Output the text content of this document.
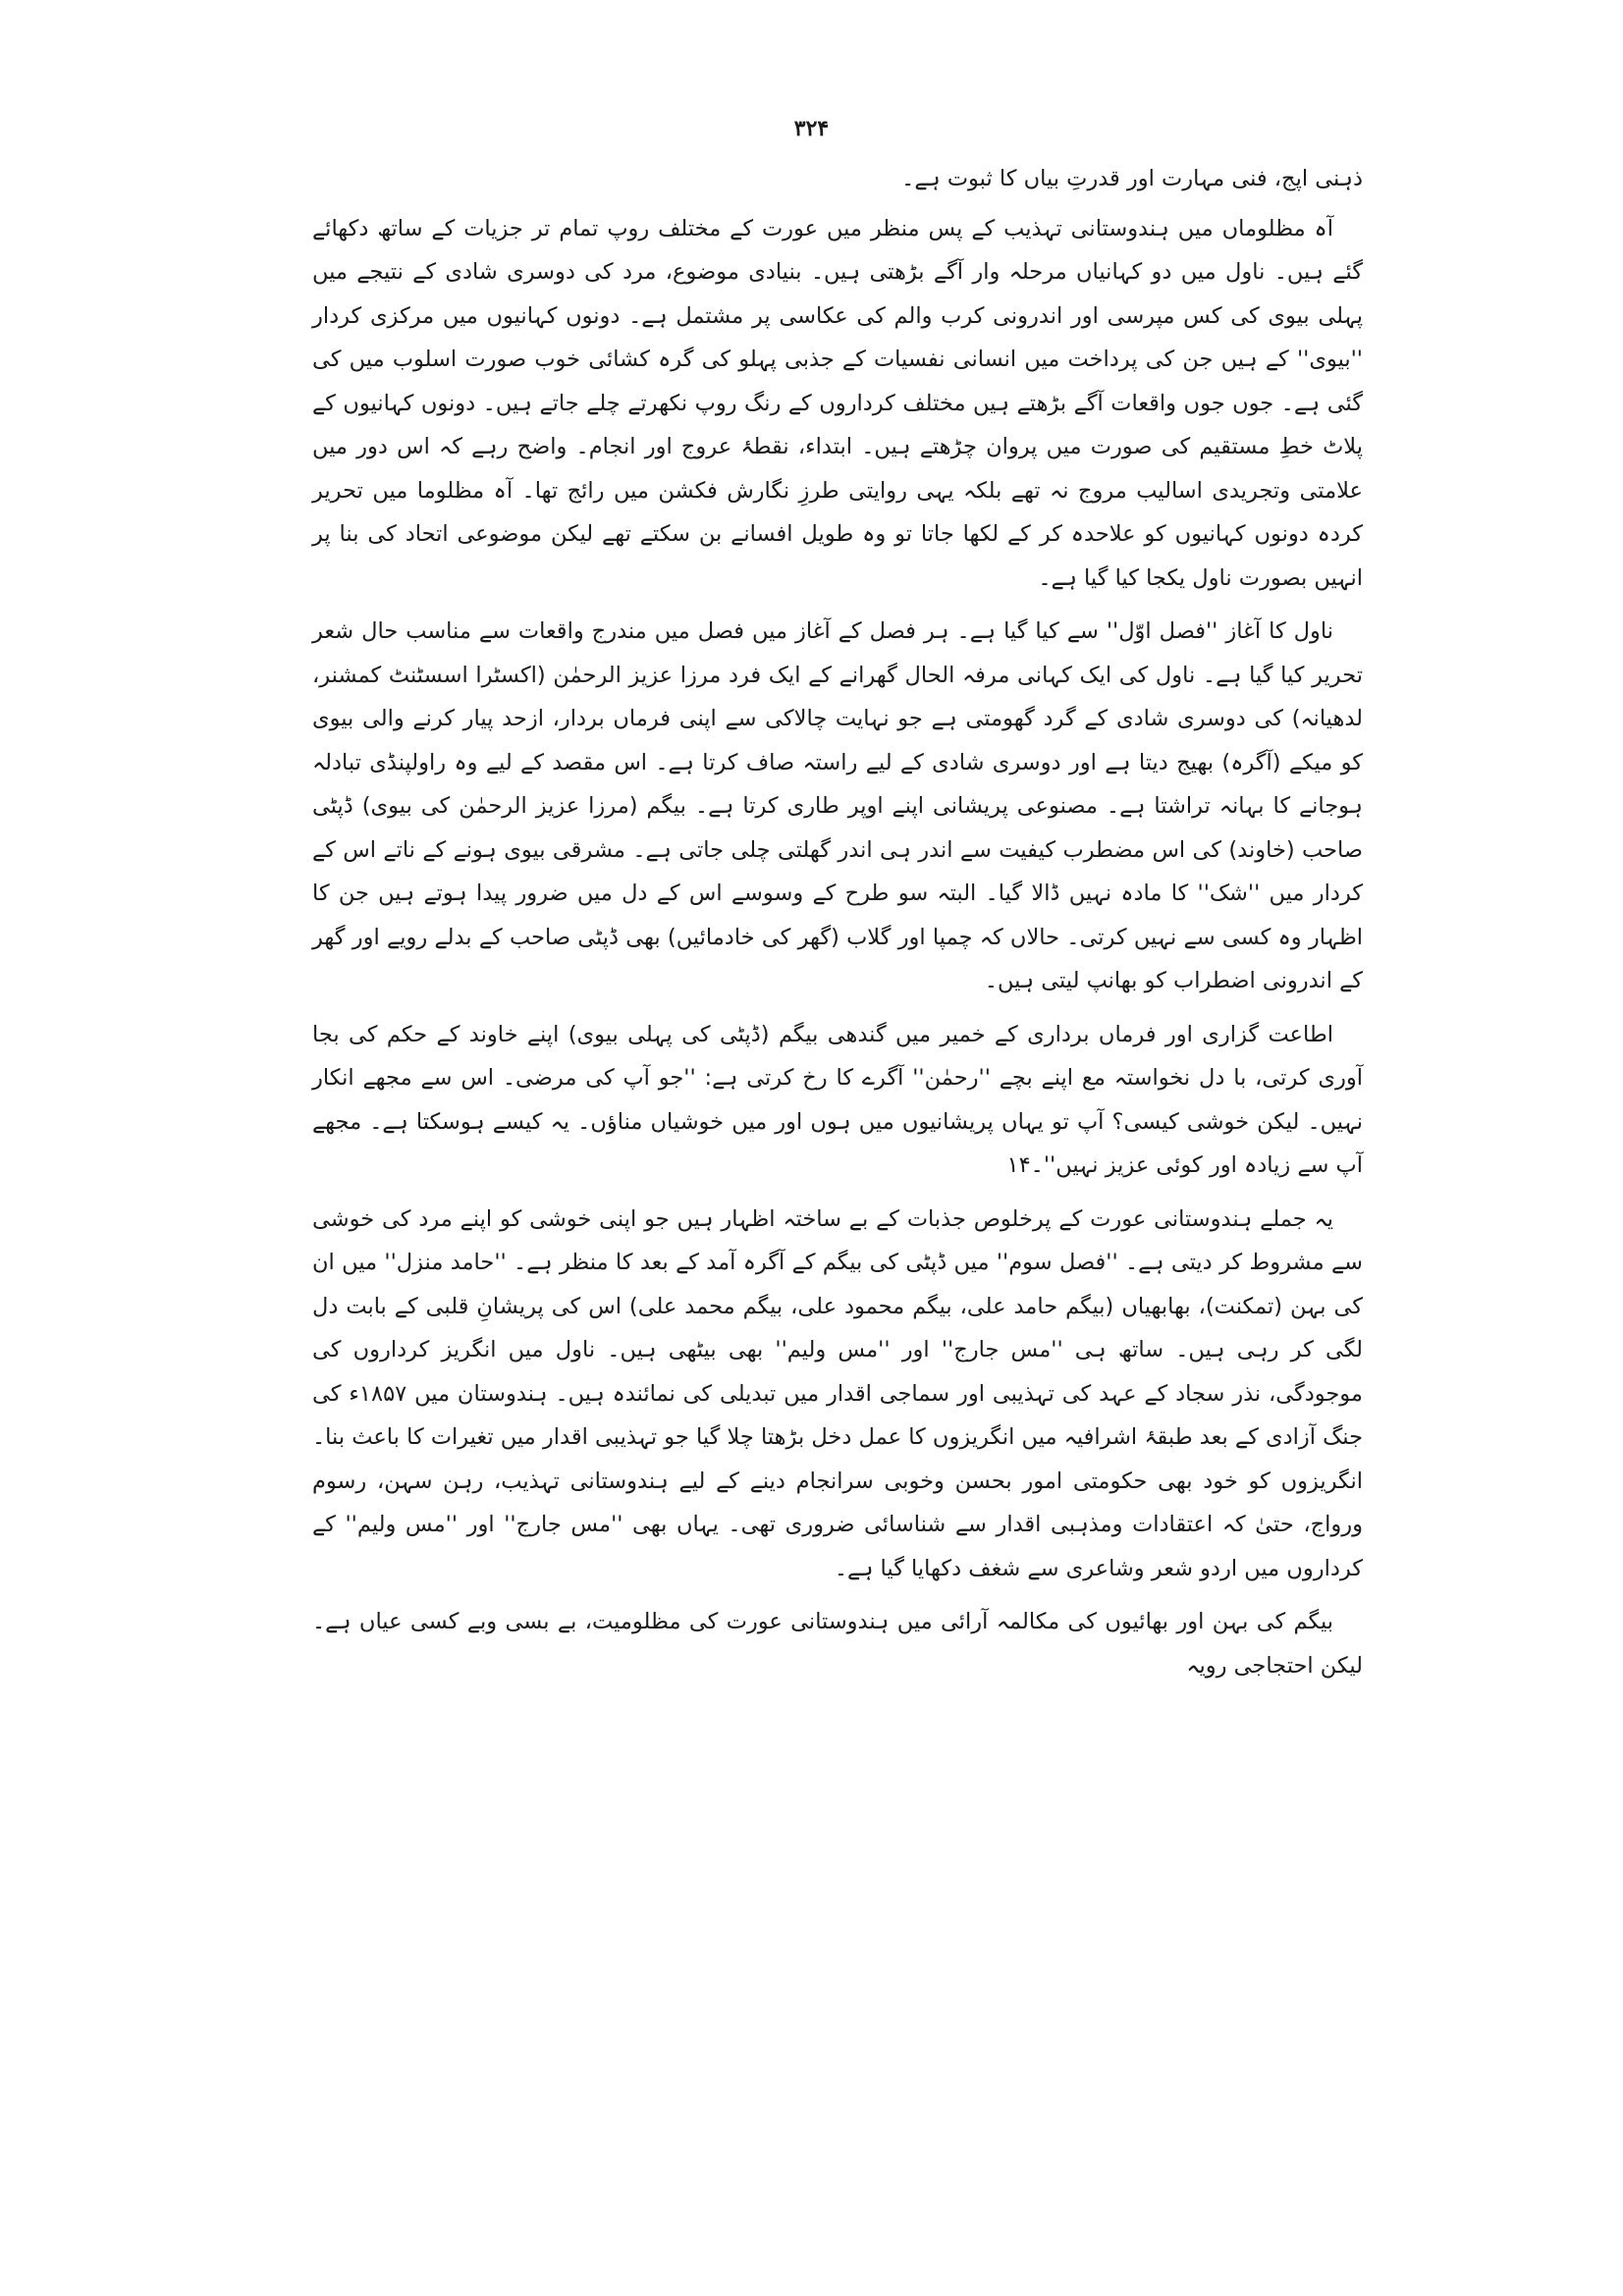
۳۲۴

ذہنی اپج، فنی مہارت اور قدرتِ بیاں کا ثبوت ہے۔

آہ مظلوماں میں ہندوستانی تہذیب کے پس منظر میں عورت کے مختلف روپ تمام تر جزیات کے ساتھ دکھائے گئے ہیں۔ ناول میں دو کہانیاں مرحلہ وار آگے بڑھتی ہیں۔ بنیادی موضوع، مرد کی دوسری شادی کے نتیجے میں پہلی بیوی کی کس مپرسی اور اندرونی کرب والم کی عکاسی پر مشتمل ہے۔ دونوں کہانیوں میں مرکزی کردار ''بیوی'' کے ہیں جن کی پرداخت میں انسانی نفسیات کے جذبی پہلو کی گرہ کشائی خوب صورت اسلوب میں کی گئی ہے۔ جوں جوں واقعات آگے بڑھتے ہیں مختلف کرداروں کے رنگ روپ نکھرتے چلے جاتے ہیں۔ دونوں کہانیوں کے پلاٹ خطِ مستقیم کی صورت میں پروان چڑھتے ہیں۔ ابتداء، نقطۂ عروج اور انجام۔ واضح رہے کہ اس دور میں علامتی وتجریدی اسالیب مروج نہ تھے بلکہ یہی روایتی طرزِ نگارش فکشن میں رائج تھا۔ آہ مظلوما میں تحریر کردہ دونوں کہانیوں کو علاحدہ کر کے لکھا جاتا تو وہ طویل افسانے بن سکتے تھے لیکن موضوعی اتحاد کی بنا پر انہیں بصورت ناول یکجا کیا گیا ہے۔

ناول کا آغاز ''فصل اوّل'' سے کیا گیا ہے۔ ہر فصل کے آغاز میں فصل میں مندرج واقعات سے مناسب حال شعر تحریر کیا گیا ہے۔ ناول کی ایک کہانی مرفہ الحال گھرانے کے ایک فرد مرزا عزیز الرحمٰن (اکسٹرا اسسٹنٹ کمشنر، لدھیانہ) کی دوسری شادی کے گرد گھومتی ہے جو نہایت چالاکی سے اپنی فرماں بردار، ازحد پیار کرنے والی بیوی کو میکے (آگرہ) بھیج دیتا ہے اور دوسری شادی کے لیے راستہ صاف کرتا ہے۔ اس مقصد کے لیے وہ راولپنڈی تبادلہ ہوجانے کا بہانہ تراشتا ہے۔ مصنوعی پریشانی اپنے اوپر طاری کرتا ہے۔ بیگم (مرزا عزیز الرحمٰن کی بیوی) ڈپٹی صاحب (خاوند) کی اس مضطرب کیفیت سے اندر ہی اندر گھلتی چلی جاتی ہے۔ مشرقی بیوی ہونے کے ناتے اس کے کردار میں ''شک'' کا مادہ نہیں ڈالا گیا۔ البتہ سو طرح کے وسوسے اس کے دل میں ضرور پیدا ہوتے ہیں جن کا اظہار وہ کسی سے نہیں کرتی۔ حالاں کہ چمپا اور گلاب (گھر کی خادمائیں) بھی ڈپٹی صاحب کے بدلے رویے اور گھر کے اندرونی اضطراب کو بھانپ لیتی ہیں۔

اطاعت گزاری اور فرماں برداری کے خمیر میں گندھی بیگم (ڈپٹی کی پہلی بیوی) اپنے خاوند کے حکم کی بجا آوری کرتی، با دل نخواستہ مع اپنے بچے ''رحمٰن'' آگرے کا رخ کرتی ہے: ''جو آپ کی مرضی۔ اس سے مجھے انکار نہیں۔ لیکن خوشی کیسی؟ آپ تو یہاں پریشانیوں میں ہوں اور میں خوشیاں مناؤں۔ یہ کیسے ہوسکتا ہے۔ مجھے آپ سے زیادہ اور کوئی عزیز نہیں''۔۱۴

یہ جملے ہندوستانی عورت کے پرخلوص جذبات کے بے ساختہ اظہار ہیں جو اپنی خوشی کو اپنے مرد کی خوشی سے مشروط کر دیتی ہے۔ ''فصل سوم'' میں ڈپٹی کی بیگم کے آگرہ آمد کے بعد کا منظر ہے۔ ''حامد منزل'' میں ان کی بہن (تمکنت)، بھابھیاں (بیگم حامد علی، بیگم محمود علی، بیگم محمد علی) اس کی پریشانِ قلبی کے بابت دل لگی کر رہی ہیں۔ ساتھ ہی ''مس جارج'' اور ''مس ولیم'' بھی بیٹھی ہیں۔ ناول میں انگریز کرداروں کی موجودگی، نذر سجاد کے عہد کی تہذیبی اور سماجی اقدار میں تبدیلی کی نمائندہ ہیں۔ ہندوستان میں ۱۸۵۷ء کی جنگ آزادی کے بعد طبقۂ اشرافیہ میں انگریزوں کا عمل دخل بڑھتا چلا گیا جو تہذیبی اقدار میں تغیرات کا باعث بنا۔ انگریزوں کو خود بھی حکومتی امور بحسن وخوبی سرانجام دینے کے لیے ہندوستانی تہذیب، رہن سہن، رسوم ورواج، حتیٰ کہ اعتقادات ومذہبی اقدار سے شناسائی ضروری تھی۔ یہاں بھی ''مس جارج'' اور ''مس ولیم'' کے کرداروں میں اردو شعر وشاعری سے شغف دکھایا گیا ہے۔

بیگم کی بہن اور بھائیوں کی مکالمہ آرائی میں ہندوستانی عورت کی مظلومیت، بے بسی وبے کسی عیاں ہے۔ لیکن احتجاجی رویہ
